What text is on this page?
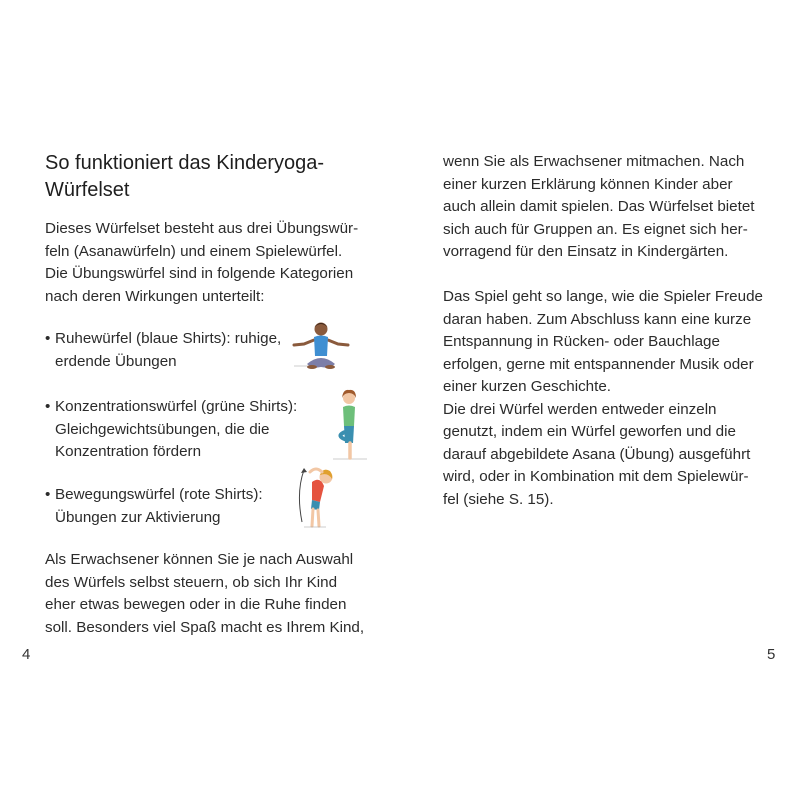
So funktioniert das Kinderyoga-
Würfelset
Dieses Würfelset besteht aus drei Übungswür-
feln (Asanawürfeln) und einem Spielewürfel.
Die Übungswürfel sind in folgende Kategorien
nach deren Wirkungen unterteilt:
• Ruhewürfel (blaue Shirts): ruhige,
erdende Übungen
• Konzentrationswürfel (grüne Shirts):
Gleichgewichtsübungen, die die
Konzentration fördern
• Bewegungswürfel (rote Shirts):
Übungen zur Aktivierung
Als Erwachsener können Sie je nach Auswahl
des Würfels selbst steuern, ob sich Ihr Kind
eher etwas bewegen oder in die Ruhe finden
soll. Besonders viel Spaß macht es Ihrem Kind,
4
wenn Sie als Erwachsener mitmachen. Nach
einer kurzen Erklärung können Kinder aber
auch allein damit spielen. Das Würfelset bietet
sich auch für Gruppen an. Es eignet sich her-
vorragend für den Einsatz in Kindergärten.
Das Spiel geht so lange, wie die Spieler Freude
daran haben. Zum Abschluss kann eine kurze
Entspannung in Rücken- oder Bauchlage
erfolgen, gerne mit entspannender Musik oder
einer kurzen Geschichte.
Die drei Würfel werden entweder einzeln
genutzt, indem ein Würfel geworfen und die
darauf abgebildete Asana (Übung) ausgeführt
wird, oder in Kombination mit dem Spielewür-
fel (siehe S. 15).
5
